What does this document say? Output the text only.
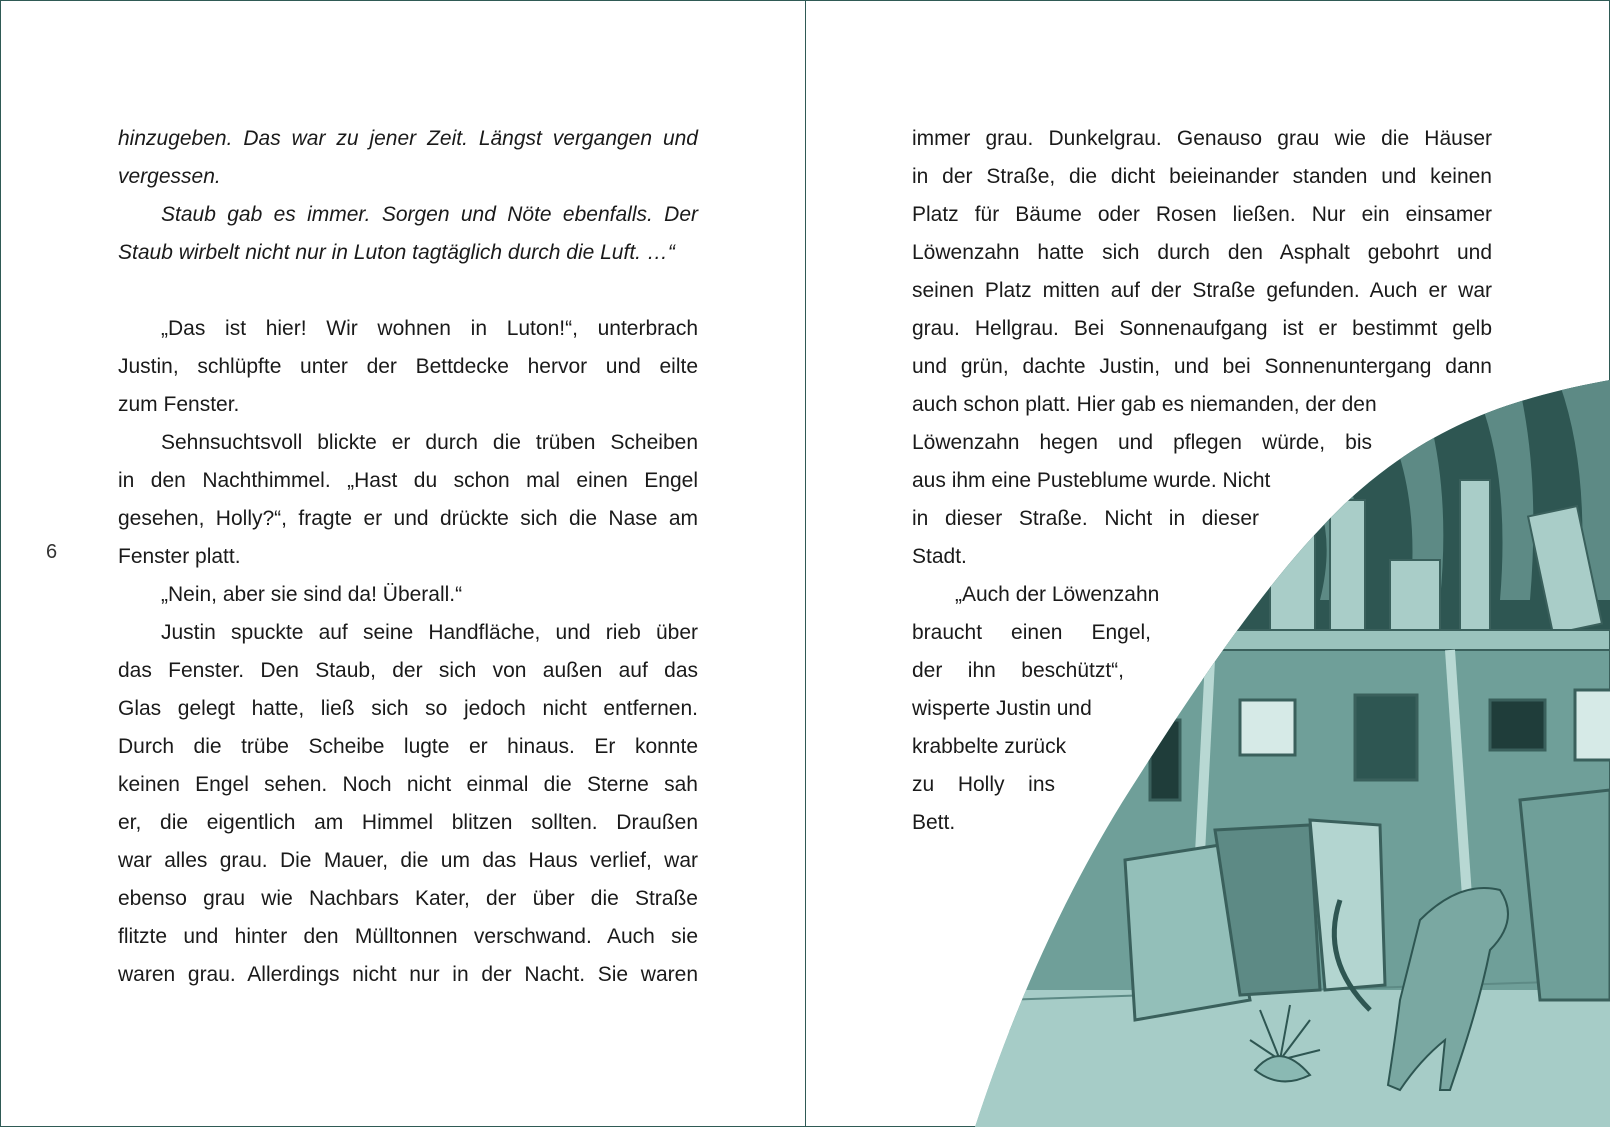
6
hinzugeben. Das war zu jener Zeit. Längst vergangen und
vergessen.
Staub gab es immer. Sorgen und Nöte ebenfalls. Der
Staub wirbelt nicht nur in Luton tagtäglich durch die Luft. …“
„Das ist hier! Wir wohnen in Luton!“, unterbrach
Justin, schlüpfte unter der Bettdecke hervor und eilte
zum Fenster.
Sehnsuchtsvoll blickte er durch die trüben Scheiben
in den Nachthimmel. „Hast du schon mal einen Engel
gesehen, Holly?“, fragte er und drückte sich die Nase am
Fenster platt.
„Nein, aber sie sind da! Überall.“
Justin spuckte auf seine Handfläche, und rieb über
das Fenster. Den Staub, der sich von außen auf das
Glas gelegt hatte, ließ sich so jedoch nicht entfernen.
Durch die trübe Scheibe lugte er hinaus. Er konnte
keinen Engel sehen. Noch nicht einmal die Sterne sah
er, die eigentlich am Himmel blitzen sollten. Draußen
war alles grau. Die Mauer, die um das Haus verlief, war
ebenso grau wie Nachbars Kater, der über die Straße
flitzte und hinter den Mülltonnen verschwand. Auch sie
waren grau. Allerdings nicht nur in der Nacht. Sie waren
immer grau. Dunkelgrau. Genauso grau wie die Häuser
in der Straße, die dicht beieinander standen und keinen
Platz für Bäume oder Rosen ließen. Nur ein einsamer
Löwenzahn hatte sich durch den Asphalt gebohrt und
seinen Platz mitten auf der Straße gefunden. Auch er war
grau. Hellgrau. Bei Sonnenaufgang ist er bestimmt gelb
und grün, dachte Justin, und bei Sonnenuntergang dann
auch schon platt. Hier gab es niemanden, der den
Löwenzahn hegen und pflegen würde, bis
aus ihm eine Pusteblume wurde. Nicht
in dieser Straße. Nicht in dieser
Stadt.
„Auch der Löwenzahn
braucht einen Engel,
der ihn beschützt“,
wisperte Justin und
krabbelte zurück
zu Holly ins
Bett.
